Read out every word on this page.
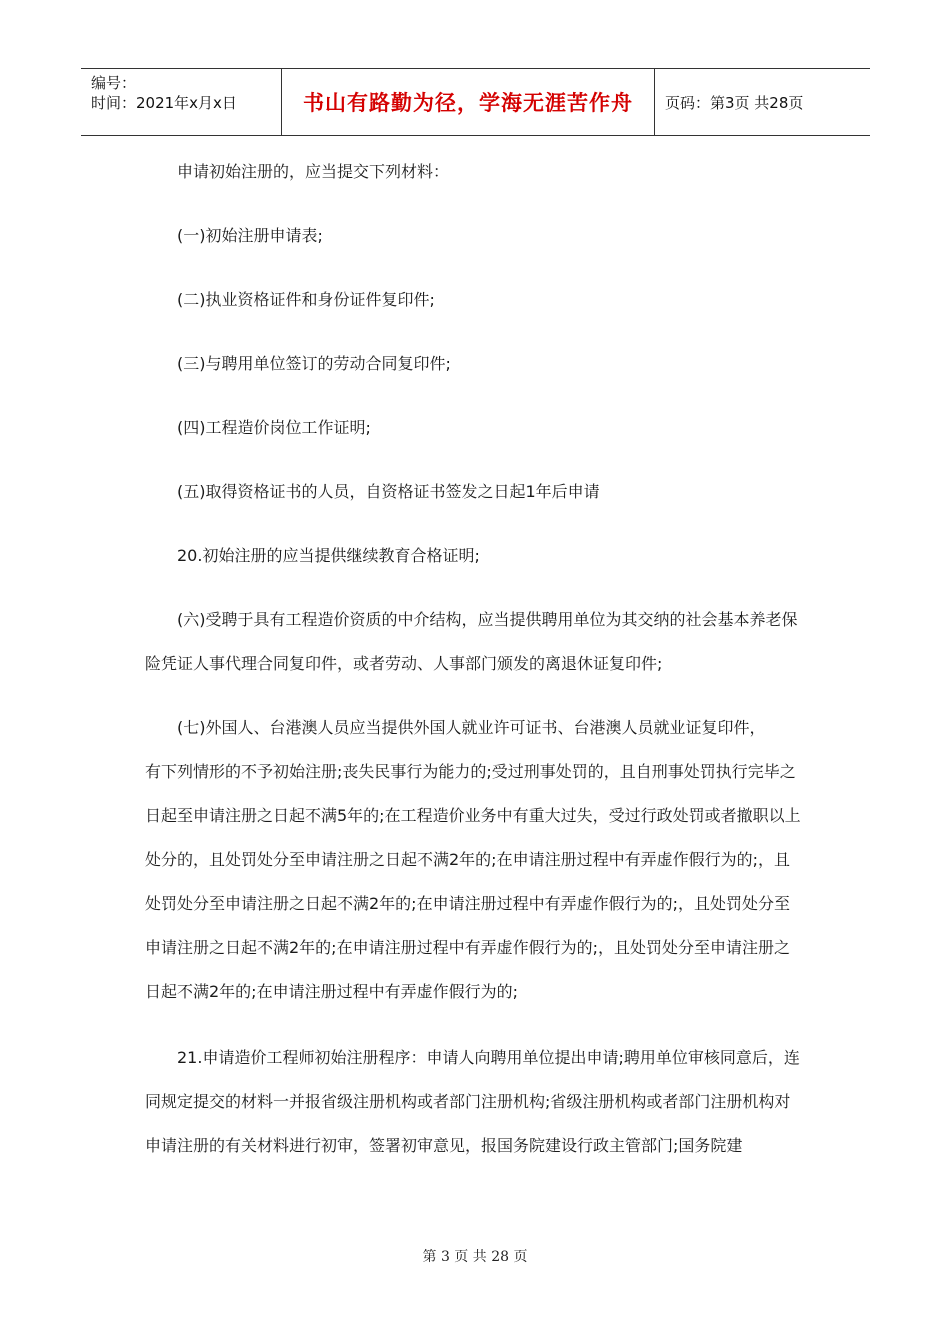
编号：
时间：2021年x月x日	书山有路勤为径，学海无涯苦作舟	页码：第3页 共28页

申请初始注册的，应当提交下列材料：

(一)初始注册申请表;

(二)执业资格证件和身份证件复印件;

(三)与聘用单位签订的劳动合同复印件;

(四)工程造价岗位工作证明;

(五)取得资格证书的人员，自资格证书签发之日起1年后申请

20.初始注册的应当提供继续教育合格证明;

(六)受聘于具有工程造价资质的中介结构，应当提供聘用单位为其交纳的社会基本养老保险凭证人事代理合同复印件，或者劳动、人事部门颁发的离退休证复印件;

(七)外国人、台港澳人员应当提供外国人就业许可证书、台港澳人员就业证复印件，

有下列情形的不予初始注册;丧失民事行为能力的;受过刑事处罚的，且自刑事处罚执行完毕之日起至申请注册之日起不满5年的;在工程造价业务中有重大过失，受过行政处罚或者撤职以上处分的，且处罚处分至申请注册之日起不满2年的;在申请注册过程中有弄虚作假行为的;，且处罚处分至申请注册之日起不满2年的;在申请注册过程中有弄虚作假行为的;，且处罚处分至申请注册之日起不满2年的;在申请注册过程中有弄虚作假行为的;，且处罚处分至申请注册之日起不满2年的;在申请注册过程中有弄虚作假行为的;

21.申请造价工程师初始注册程序：申请人向聘用单位提出申请;聘用单位审核同意后，连同规定提交的材料一并报省级注册机构或者部门注册机构;省级注册机构或者部门注册机构对申请注册的有关材料进行初审，签署初审意见，报国务院建设行政主管部门;国务院建

第 3 页 共 28 页
